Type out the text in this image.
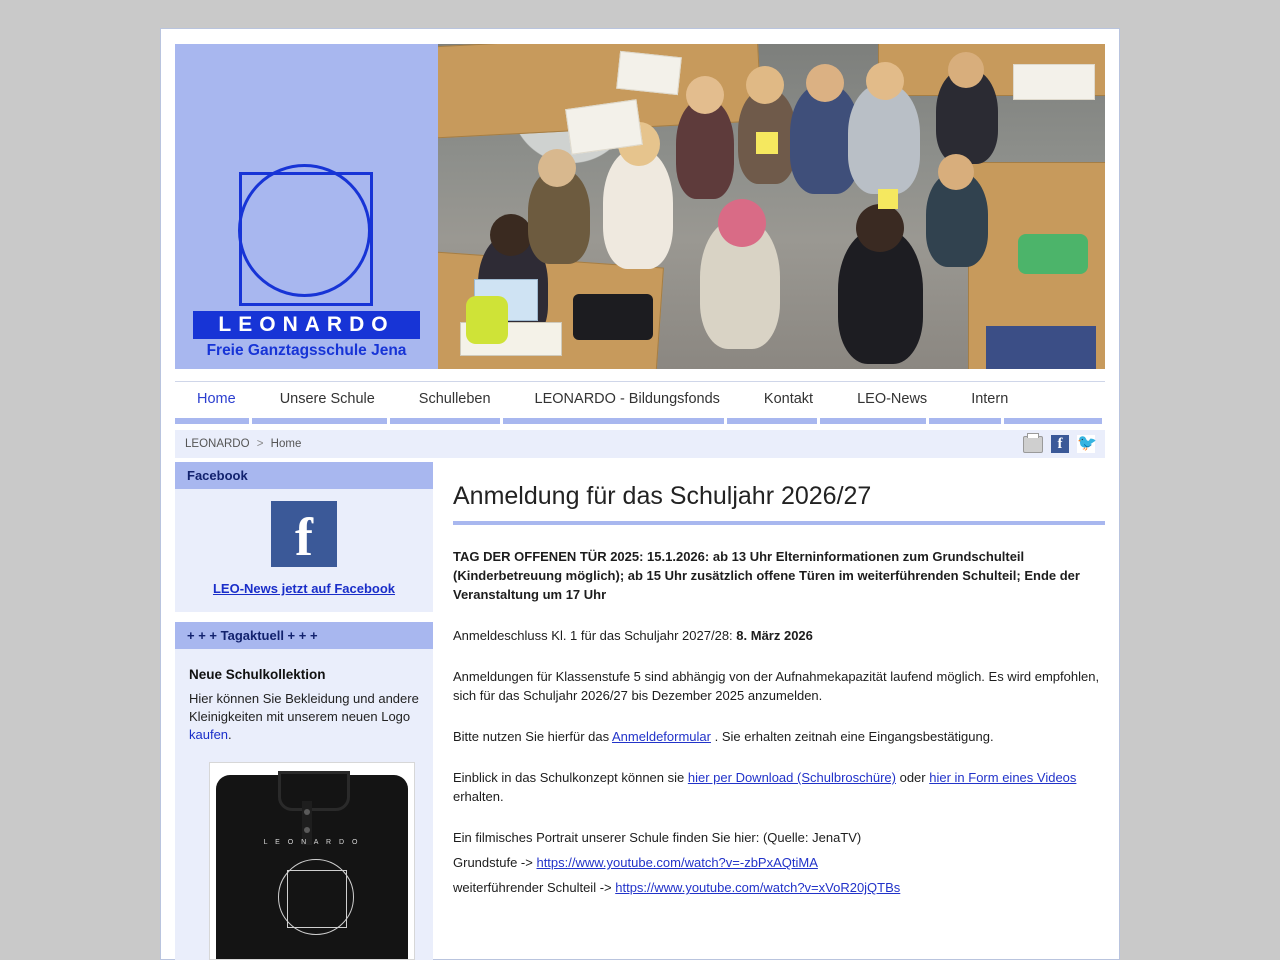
LEONARDO
Freie Ganztagsschule Jena
Home	Unsere Schule	Schulleben	LEONARDO - Bildungsfonds	Kontakt	LEO-News	Intern
LEONARDO > Home	f 🐦
Facebook
f
LEO-News jetzt auf Facebook
+ + + Tagaktuell + + +
Neue Schulkollektion

Hier können Sie Bekleidung und andere Kleinigkeiten mit unserem neuen Logo kaufen.

L E O N A R D O
Anmeldung für das Schuljahr 2026/27

TAG DER OFFENEN TÜR 2025: 15.1.2026: ab 13 Uhr Elterninformationen zum Grundschulteil (Kinderbetreuung möglich); ab 15 Uhr zusätzlich offene Türen im weiterführenden Schulteil; Ende der Veranstaltung um 17 Uhr

Anmeldeschluss Kl. 1 für das Schuljahr 2027/28: 8. März 2026

Anmeldungen für Klassenstufe 5 sind abhängig von der Aufnahmekapazität laufend möglich. Es wird empfohlen, sich für das Schuljahr 2026/27 bis Dezember 2025 anzumelden.

Bitte nutzen Sie hierfür das Anmeldeformular . Sie erhalten zeitnah eine Eingangsbestätigung.

Einblick in das Schulkonzept können sie hier per Download (Schulbroschüre) oder hier in Form eines Videos erhalten.

Ein filmisches Portrait unserer Schule finden Sie hier: (Quelle: JenaTV)

Grundstufe -> https://www.youtube.com/watch?v=-zbPxAQtiMA

weiterführender Schulteil -> https://www.youtube.com/watch?v=xVoR20jQTBs
